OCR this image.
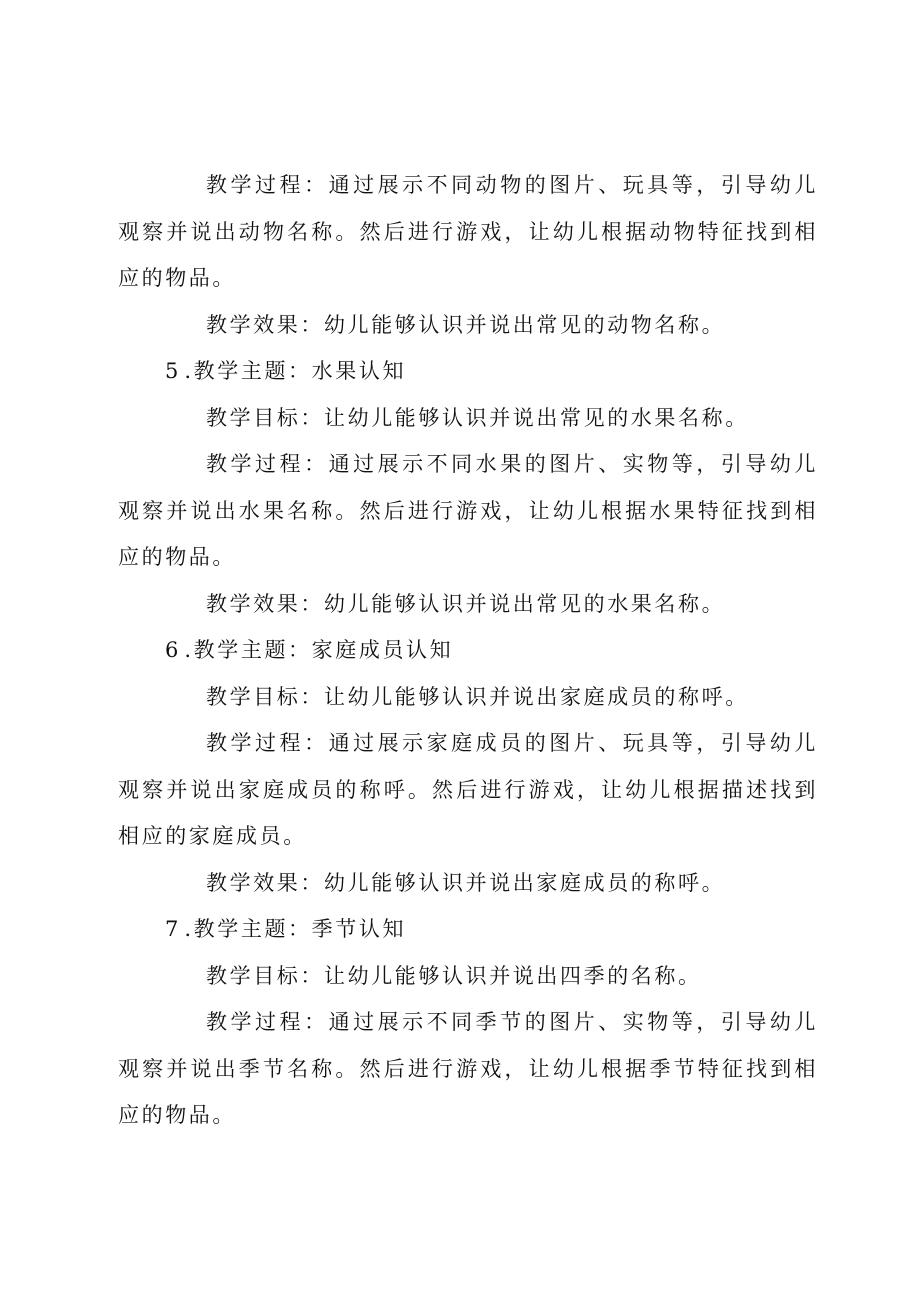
教学过程：通过展示不同动物的图片、玩具等，引导幼儿观察并说出动物名称。然后进行游戏，让幼儿根据动物特征找到相应的物品。

教学效果：幼儿能够认识并说出常见的动物名称。

5 .教学主题：水果认知

教学目标：让幼儿能够认识并说出常见的水果名称。

教学过程：通过展示不同水果的图片、实物等，引导幼儿观察并说出水果名称。然后进行游戏，让幼儿根据水果特征找到相应的物品。

教学效果：幼儿能够认识并说出常见的水果名称。

6 .教学主题：家庭成员认知

教学目标：让幼儿能够认识并说出家庭成员的称呼。

教学过程：通过展示家庭成员的图片、玩具等，引导幼儿观察并说出家庭成员的称呼。然后进行游戏，让幼儿根据描述找到相应的家庭成员。

教学效果：幼儿能够认识并说出家庭成员的称呼。

7 .教学主题：季节认知

教学目标：让幼儿能够认识并说出四季的名称。

教学过程：通过展示不同季节的图片、实物等，引导幼儿观察并说出季节名称。然后进行游戏，让幼儿根据季节特征找到相应的物品。
